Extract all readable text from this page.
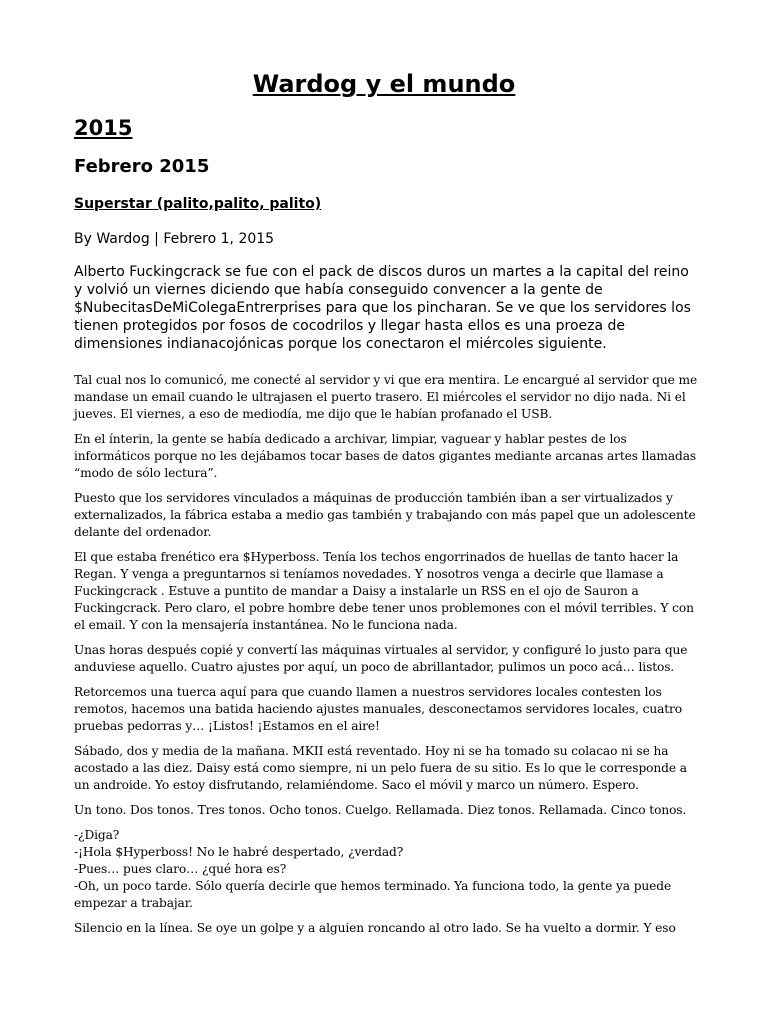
Wardog y el mundo
2015
Febrero 2015
Superstar (palito,palito, palito)
By Wardog | Febrero 1, 2015

Alberto Fuckingcrack se fue con el pack de discos duros un martes a la capital del reino y volvió un viernes diciendo que había conseguido convencer a la gente de $NubecitasDeMiColegaEntrerprises para que los pincharan. Se ve que los servidores los tienen protegidos por fosos de cocodrilos y llegar hasta ellos es una proeza de dimensiones indianacojónicas porque los conectaron el miércoles siguiente.

Tal cual nos lo comunicó, me conecté al servidor y vi que era mentira. Le encargué al servidor que me mandase un email cuando le ultrajasen el puerto trasero. El miércoles el servidor no dijo nada. Ni el jueves. El viernes, a eso de mediodía, me dijo que le habían profanado el USB.

En el ínterin, la gente se había dedicado a archivar, limpiar, vaguear y hablar pestes de los informáticos porque no les dejábamos tocar bases de datos gigantes mediante arcanas artes llamadas “modo de sólo lectura”.

Puesto que los servidores vinculados a máquinas de producción también iban a ser virtualizados y externalizados, la fábrica estaba a medio gas también y trabajando con más papel que un adolescente delante del ordenador.

El que estaba frenético era $Hyperboss. Tenía los techos engorrinados de huellas de tanto hacer la Regan. Y venga a preguntarnos si teníamos novedades. Y nosotros venga a decirle que llamase a Fuckingcrack . Estuve a puntito de mandar a Daisy a instalarle un RSS en el ojo de Sauron a Fuckingcrack. Pero claro, el pobre hombre debe tener unos problemones con el móvil terribles. Y con el email. Y con la mensajería instantánea. No le funciona nada.

Unas horas después copié y convertí las máquinas virtuales al servidor, y configuré lo justo para que anduviese aquello. Cuatro ajustes por aquí, un poco de abrillantador, pulimos un poco acá… listos.

Retorcemos una tuerca aquí para que cuando llamen a nuestros servidores locales contesten los remotos, hacemos una batida haciendo ajustes manuales, desconectamos servidores locales, cuatro pruebas pedorras y… ¡Listos! ¡Estamos en el aire!

Sábado, dos y media de la mañana. MKII está reventado. Hoy ni se ha tomado su colacao ni se ha acostado a las diez. Daisy está como siempre, ni un pelo fuera de su sitio. Es lo que le corresponde a un androide. Yo estoy disfrutando, relamiéndome. Saco el móvil y marco un número. Espero.

Un tono. Dos tonos. Tres tonos. Ocho tonos. Cuelgo. Rellamada. Diez tonos. Rellamada. Cinco tonos.

-¿Diga?
-¡Hola $Hyperboss! No le habré despertado, ¿verdad?
-Pues… pues claro… ¿qué hora es?
-Oh, un poco tarde. Sólo quería decirle que hemos terminado. Ya funciona todo, la gente ya puede empezar a trabajar.

Silencio en la línea. Se oye un golpe y a alguien roncando al otro lado. Se ha vuelto a dormir. Y eso
